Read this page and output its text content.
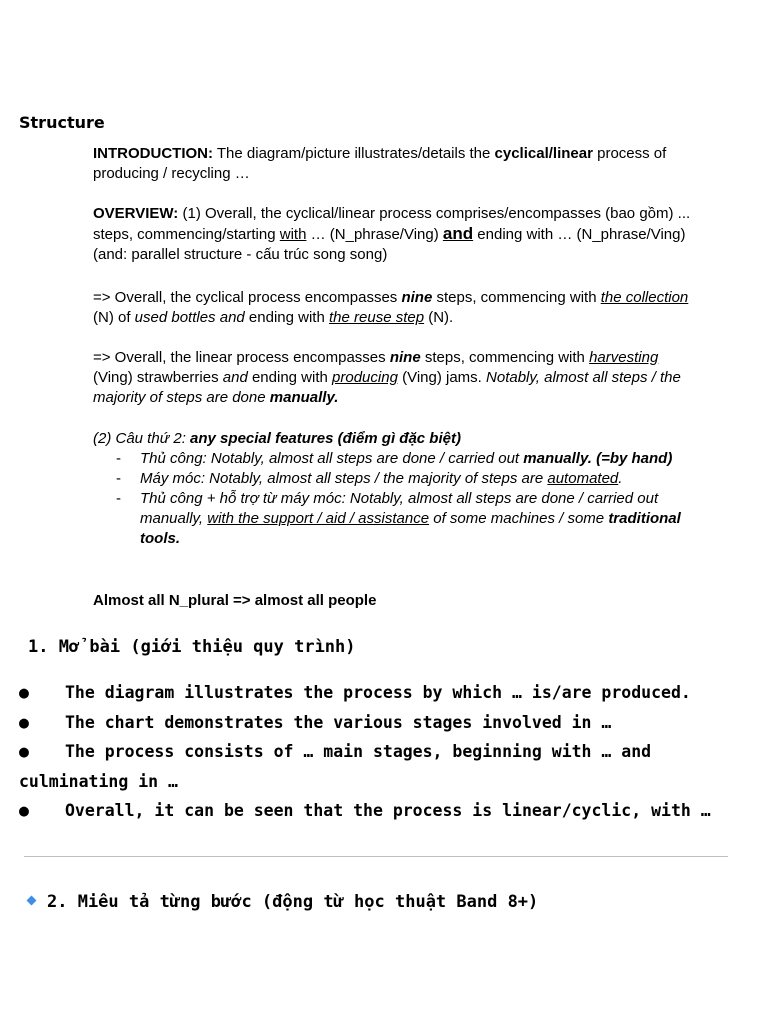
Structure

INTRODUCTION: The diagram/picture illustrates/details the cyclical/linear process of producing / recycling …

OVERVIEW: (1) Overall, the cyclical/linear process comprises/encompasses (bao gồm) ... steps, commencing/starting with … (N_phrase/Ving) and ending with … (N_phrase/Ving) (and: parallel structure - cấu trúc song song)

=> Overall, the cyclical process encompasses nine steps, commencing with the collection (N) of used bottles and ending with the reuse step (N).

=> Overall, the linear process encompasses nine steps, commencing with harvesting (Ving) strawberries and ending with producing (Ving) jams. Notably, almost all steps / the majority of steps are done manually.

(2) Câu thứ 2: any special features (điểm gì đặc biệt)

- Thủ công: Notably, almost all steps are done / carried out manually. (=by hand)
- Máy móc: Notably, almost all steps / the majority of steps are automated.
- Thủ công + hỗ trợ từ máy móc: Notably, almost all steps are done / carried out manually, with the support / aid / assistance of some machines / some traditional tools.

Almost all N_plural => almost all people

1. Mở bài (giới thiệu quy trình)
● The diagram illustrates the process by which … is/are produced.
● The chart demonstrates the various stages involved in …
● The process consists of … main stages, beginning with … and culminating in …
● Overall, it can be seen that the process is linear/cyclic, with …
2. Miêu tả từng bước (động từ học thuật Band 8+)
